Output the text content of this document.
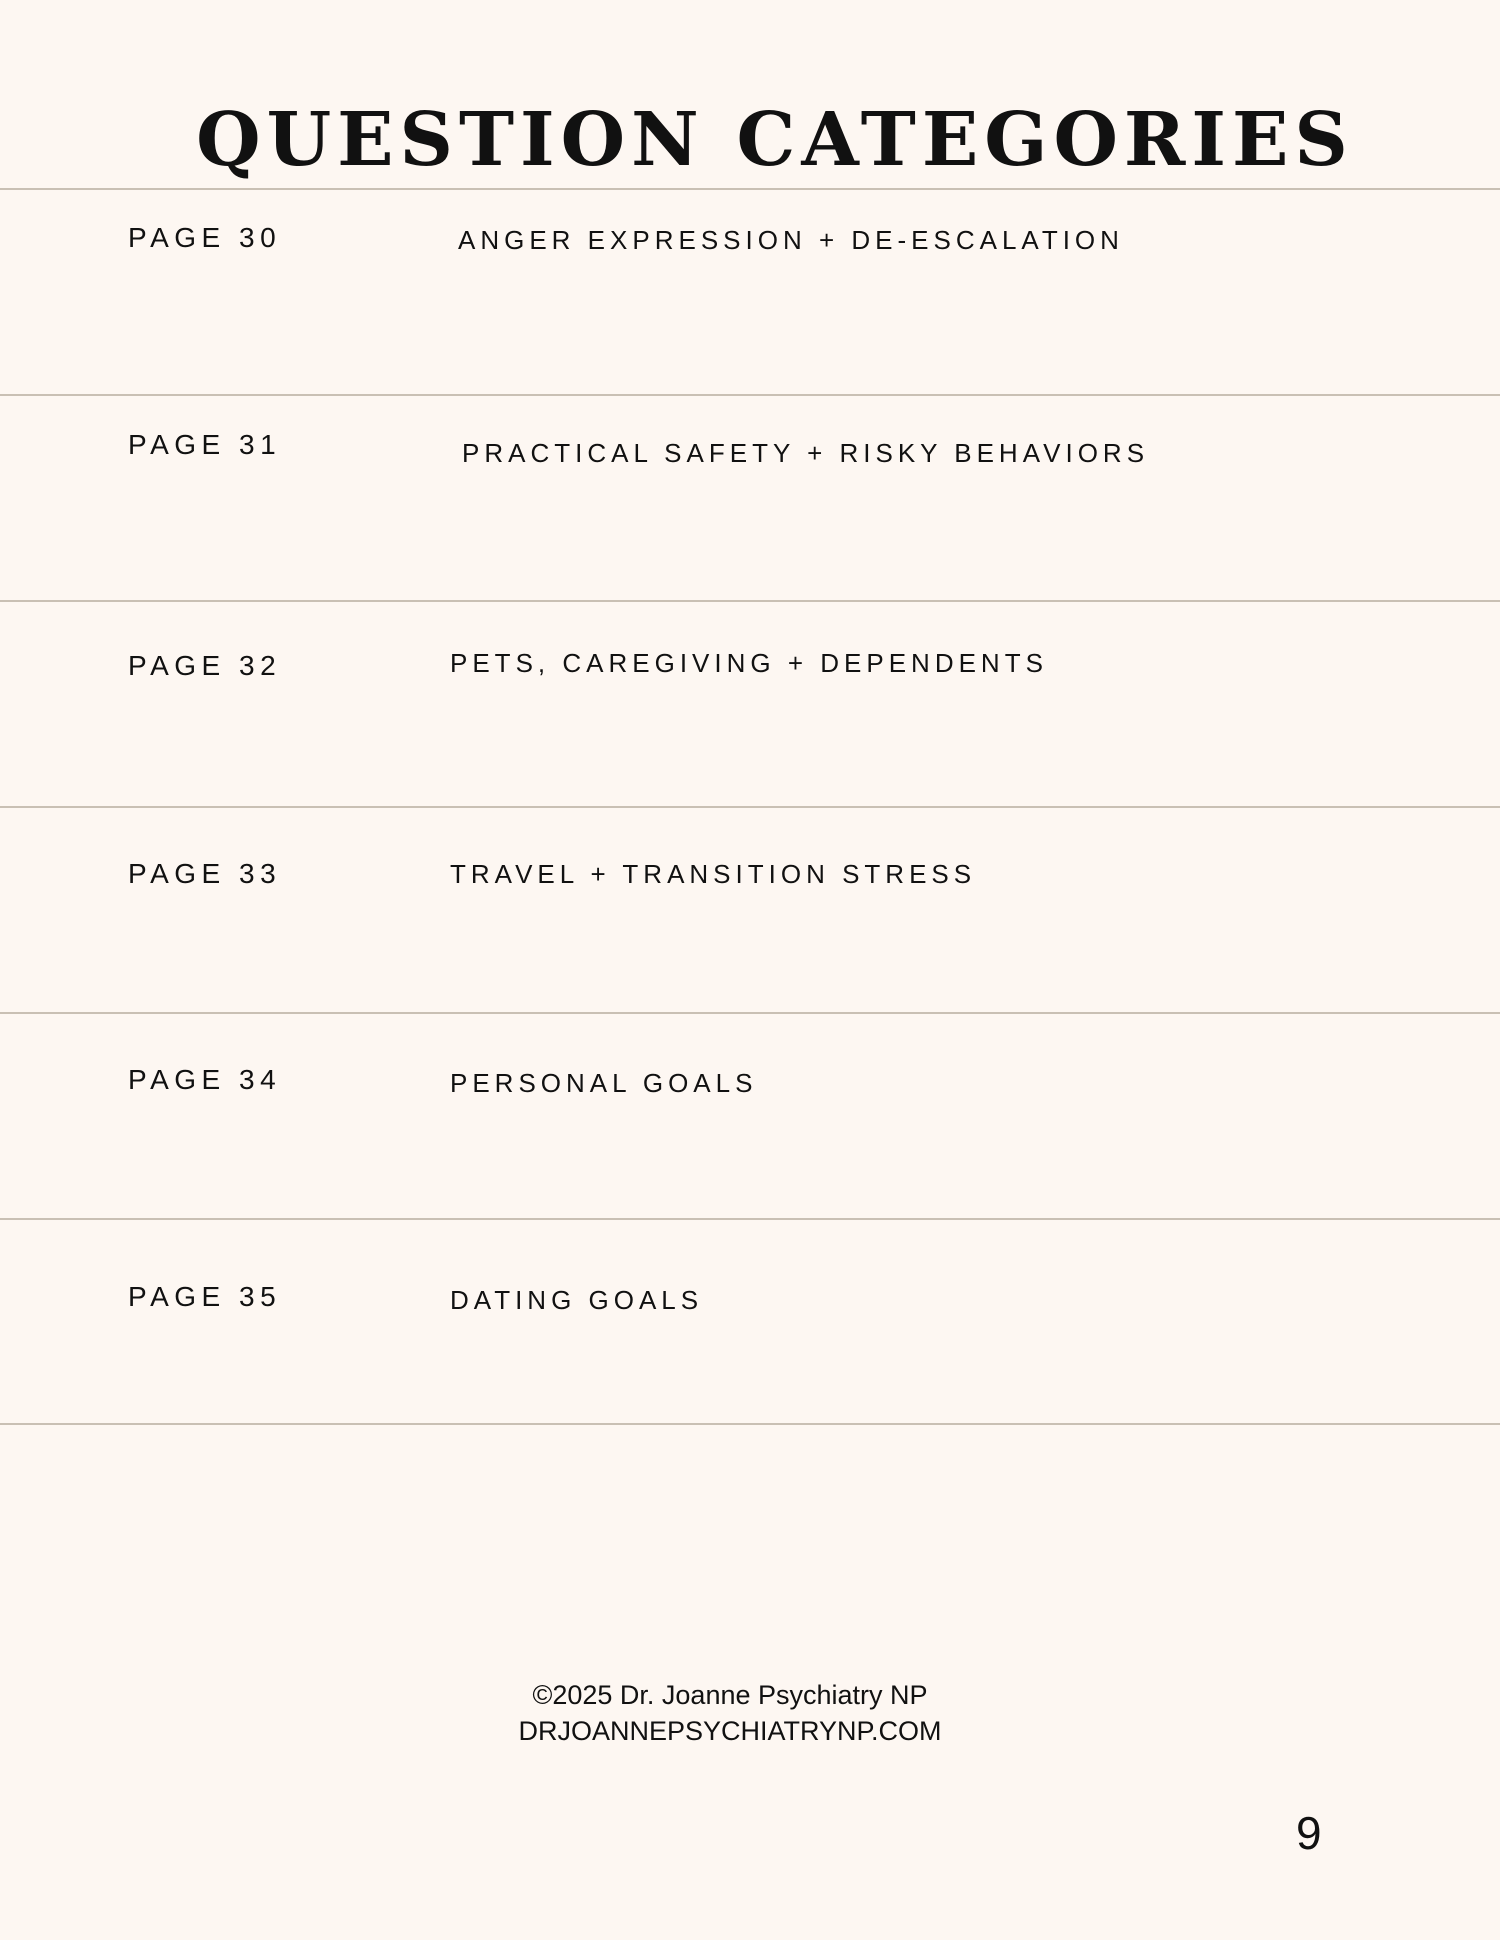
QUESTION CATEGORIES
PAGE 30	ANGER EXPRESSION + DE-ESCALATION
PAGE 31	PRACTICAL SAFETY + RISKY BEHAVIORS
PAGE 32	PETS, CAREGIVING + DEPENDENTS
PAGE 33	TRAVEL + TRANSITION STRESS
PAGE 34	PERSONAL GOALS
PAGE 35	DATING GOALS
©2025 Dr. Joanne Psychiatry NP
DRJOANNEPSYCHIATRYNP.COM
9
